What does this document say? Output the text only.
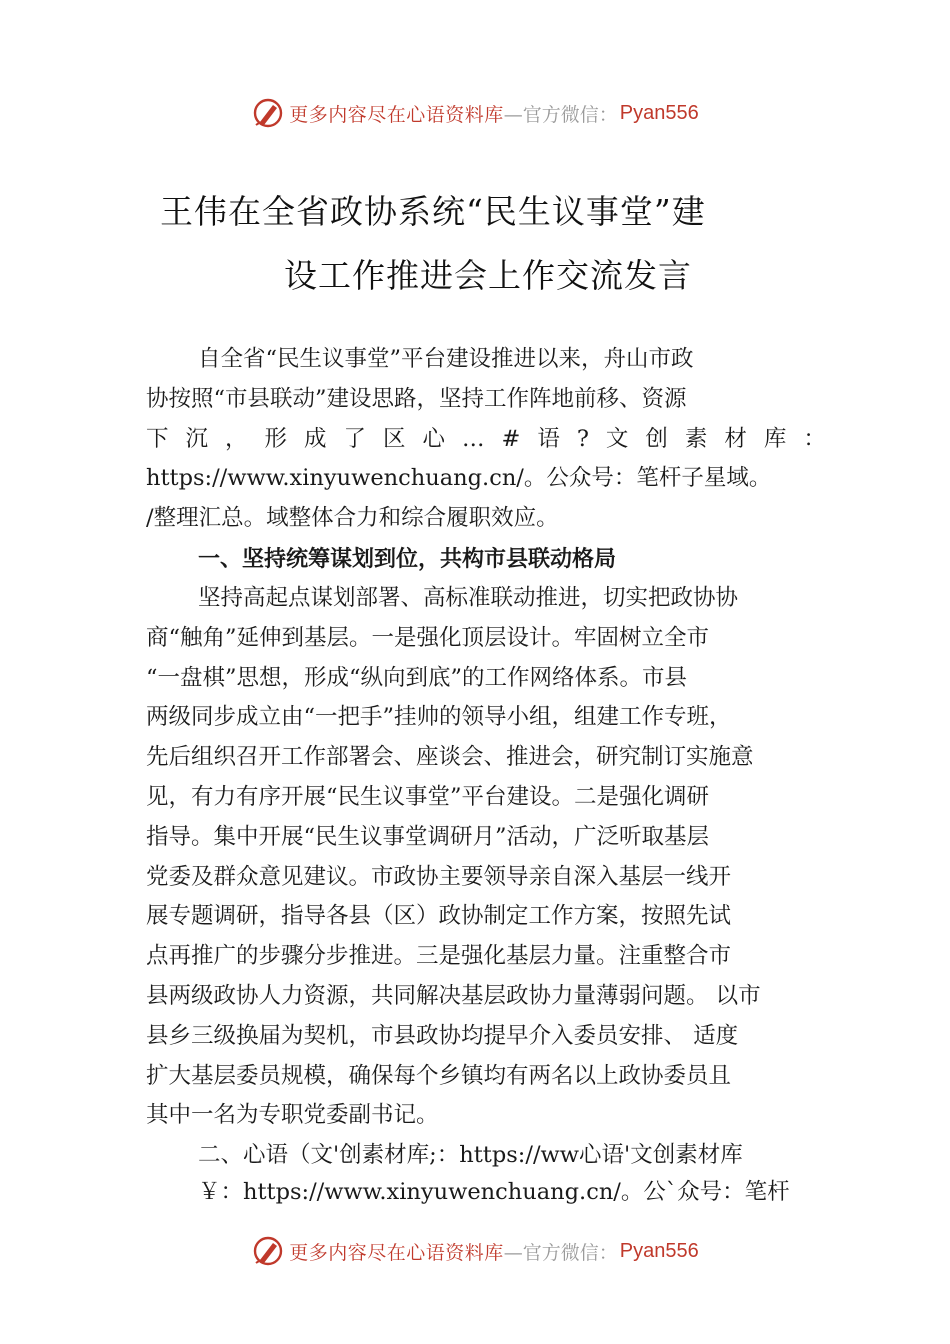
更多内容尽在心语资料库 —官方微信： Pyan556
王伟在全省政协系统“民生议事堂”建
设工作推进会上作交流发言

自全省“民生议事堂”平台建设推进以来，舟山市政
协按照“市县联动”建设思路，坚持工作阵地前移、资源
下 沉 ， 形 成 了 区 心 … # 语 ? 文 创 素 材 库 ：
https://www.xinyuwenchuang.cn/。公众号：笔杆子星域。
/整理汇总。域整体合力和综合履职效应。

一、坚持统筹谋划到位，共构市县联动格局

坚持高起点谋划部署、高标准联动推进，切实把政协协
商“触角”延伸到基层。一是强化顶层设计。牢固树立全市
“一盘棋”思想，形成“纵向到底”的工作网络体系。市县
两级同步成立由“一把手”挂帅的领导小组，组建工作专班，
先后组织召开工作部署会、座谈会、推进会，研究制订实施意
见，有力有序开展“民生议事堂”平台建设。二是强化调研
指导。集中开展“民生议事堂调研月”活动，广泛听取基层
党委及群众意见建议。市政协主要领导亲自深入基层一线开
展专题调研，指导各县（区）政协制定工作方案，按照先试
点再推广的步骤分步推进。三是强化基层力量。注重整合市
县两级政协人力资源，共同解决基层政协力量薄弱问题。 以市
县乡三级换届为契机，市县政协均提早介入委员安排、 适度
扩大基层委员规模，确保每个乡镇均有两名以上政协委员且
其中一名为专职党委副书记。

二、心语（文'创素材库;：https://ww心语'文创素材库
￥：https://www.xinyuwenchuang.cn/。公`众号：笔杆

更多内容尽在心语资料库 —官方微信： Pyan556
